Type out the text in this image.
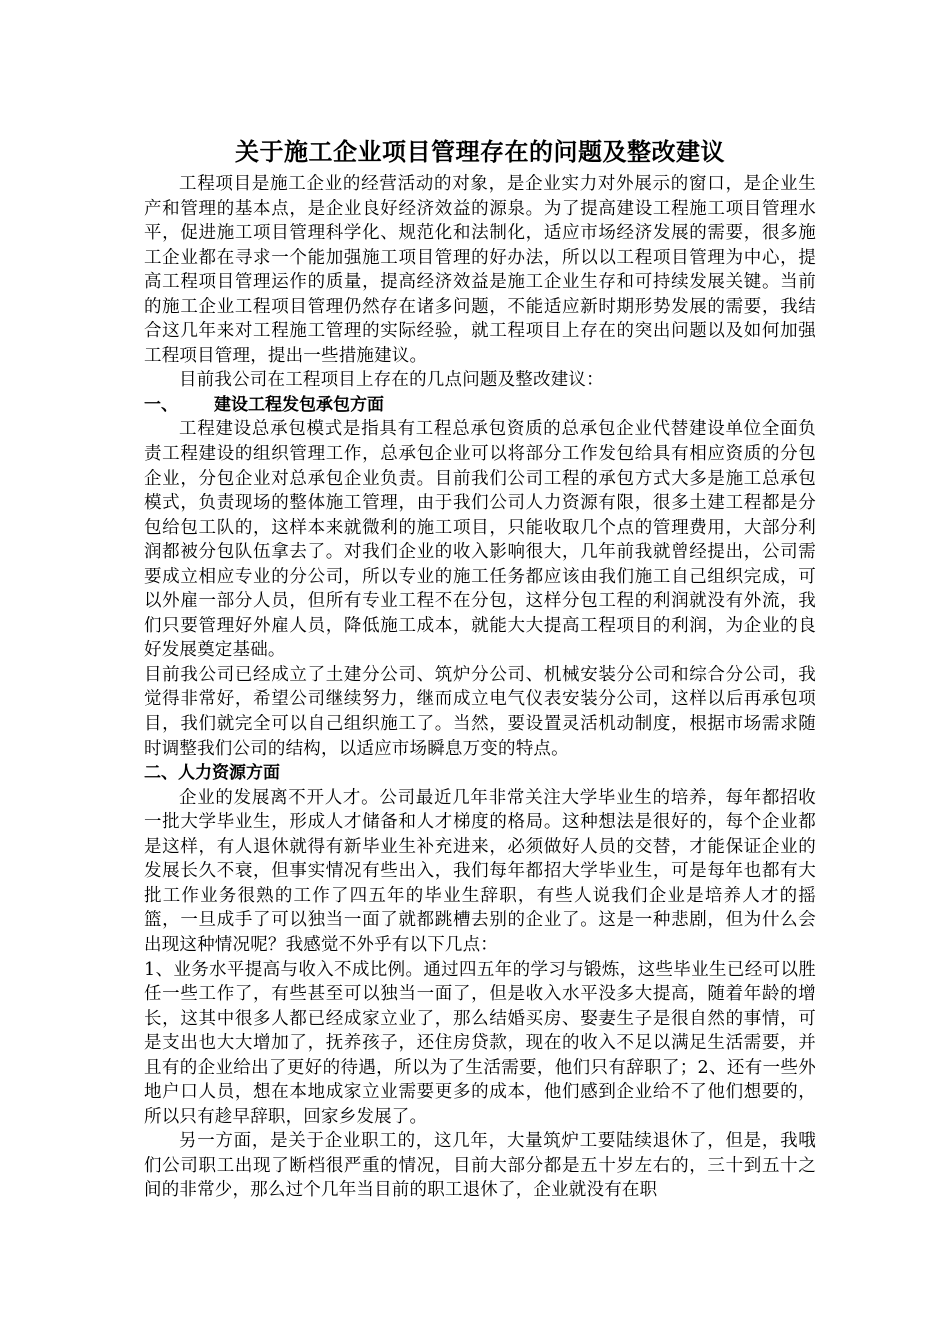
关于施工企业项目管理存在的问题及整改建议

工程项目是施工企业的经营活动的对象，是企业实力对外展示的窗口，是企业生产和管理的基本点，是企业良好经济效益的源泉。为了提高建设工程施工项目管理水平，促进施工项目管理科学化、规范化和法制化，适应市场经济发展的需要，很多施工企业都在寻求一个能加强施工项目管理的好办法，所以以工程项目管理为中心，提高工程项目管理运作的质量，提高经济效益是施工企业生存和可持续发展关键。当前的施工企业工程项目管理仍然存在诸多问题，不能适应新时期形势发展的需要，我结合这几年来对工程施工管理的实际经验，就工程项目上存在的突出问题以及如何加强工程项目管理，提出一些措施建议。

目前我公司在工程项目上存在的几点问题及整改建议：

一、 建设工程发包承包方面

工程建设总承包模式是指具有工程总承包资质的总承包企业代替建设单位全面负责工程建设的组织管理工作，总承包企业可以将部分工作发包给具有相应资质的分包企业，分包企业对总承包企业负责。目前我们公司工程的承包方式大多是施工总承包模式，负责现场的整体施工管理，由于我们公司人力资源有限，很多土建工程都是分包给包工队的，这样本来就微利的施工项目，只能收取几个点的管理费用，大部分利润都被分包队伍拿去了。对我们企业的收入影响很大，几年前我就曾经提出，公司需要成立相应专业的分公司，所以专业的施工任务都应该由我们施工自己组织完成，可以外雇一部分人员，但所有专业工程不在分包，这样分包工程的利润就没有外流，我们只要管理好外雇人员，降低施工成本，就能大大提高工程项目的利润，为企业的良好发展奠定基础。

目前我公司已经成立了土建分公司、筑炉分公司、机械安装分公司和综合分公司，我觉得非常好，希望公司继续努力，继而成立电气仪表安装分公司，这样以后再承包项目，我们就完全可以自己组织施工了。当然，要设置灵活机动制度，根据市场需求随时调整我们公司的结构，以适应市场瞬息万变的特点。

二、人力资源方面

企业的发展离不开人才。公司最近几年非常关注大学毕业生的培养，每年都招收一批大学毕业生，形成人才储备和人才梯度的格局。这种想法是很好的，每个企业都是这样，有人退休就得有新毕业生补充进来，必须做好人员的交替，才能保证企业的发展长久不衰，但事实情况有些出入，我们每年都招大学毕业生，可是每年也都有大批工作业务很熟的工作了四五年的毕业生辞职，有些人说我们企业是培养人才的摇篮，一旦成手了可以独当一面了就都跳槽去别的企业了。这是一种悲剧，但为什么会出现这种情况呢？我感觉不外乎有以下几点：

1、业务水平提高与收入不成比例。通过四五年的学习与锻炼，这些毕业生已经可以胜任一些工作了，有些甚至可以独当一面了，但是收入水平没多大提高，随着年龄的增长，这其中很多人都已经成家立业了，那么结婚买房、娶妻生子是很自然的事情，可是支出也大大增加了，抚养孩子，还住房贷款，现在的收入不足以满足生活需要，并且有的企业给出了更好的待遇，所以为了生活需要，他们只有辞职了；2、还有一些外地户口人员，想在本地成家立业需要更多的成本，他们感到企业给不了他们想要的，所以只有趁早辞职，回家乡发展了。

另一方面，是关于企业职工的，这几年，大量筑炉工要陆续退休了，但是，我哦们公司职工出现了断档很严重的情况，目前大部分都是五十岁左右的，三十到五十之间的非常少，那么过个几年当目前的职工退休了，企业就没有在职
